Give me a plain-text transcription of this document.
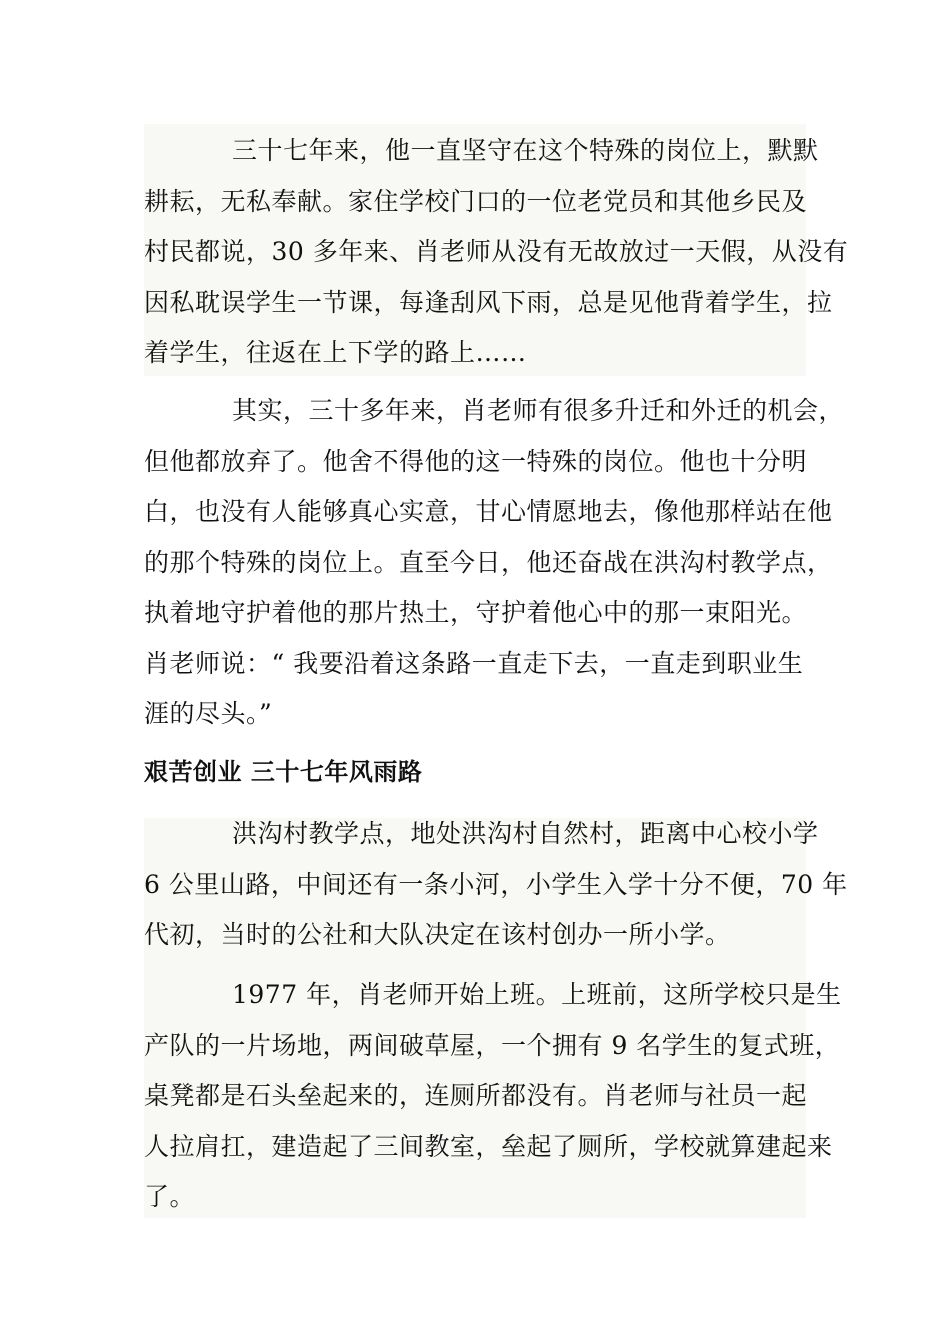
三十七年来，他一直坚守在这个特殊的岗位上，默默
耕耘，无私奉献。家住学校门口的一位老党员和其他乡民及
村民都说，30 多年来、肖老师从没有无故放过一天假，从没有
因私耽误学生一节课，每逢刮风下雨，总是见他背着学生，拉
着学生，往返在上下学的路上……
其实，三十多年来，肖老师有很多升迁和外迁的机会，
但他都放弃了。他舍不得他的这一特殊的岗位。他也十分明
白，也没有人能够真心实意，甘心情愿地去，像他那样站在他
的那个特殊的岗位上。直至今日，他还奋战在洪沟村教学点，
执着地守护着他的那片热土，守护着他心中的那一束阳光。
肖老师说：“ 我要沿着这条路一直走下去，一直走到职业生
涯的尽头。”
艰苦创业 三十七年风雨路
洪沟村教学点，地处洪沟村自然村，距离中心校小学
6 公里山路，中间还有一条小河，小学生入学十分不便，70 年
代初，当时的公社和大队决定在该村创办一所小学。
1977 年，肖老师开始上班。上班前，这所学校只是生
产队的一片场地，两间破草屋，一个拥有 9 名学生的复式班，
桌凳都是石头垒起来的，连厕所都没有。肖老师与社员一起
人拉肩扛，建造起了三间教室，垒起了厕所，学校就算建起来
了。
